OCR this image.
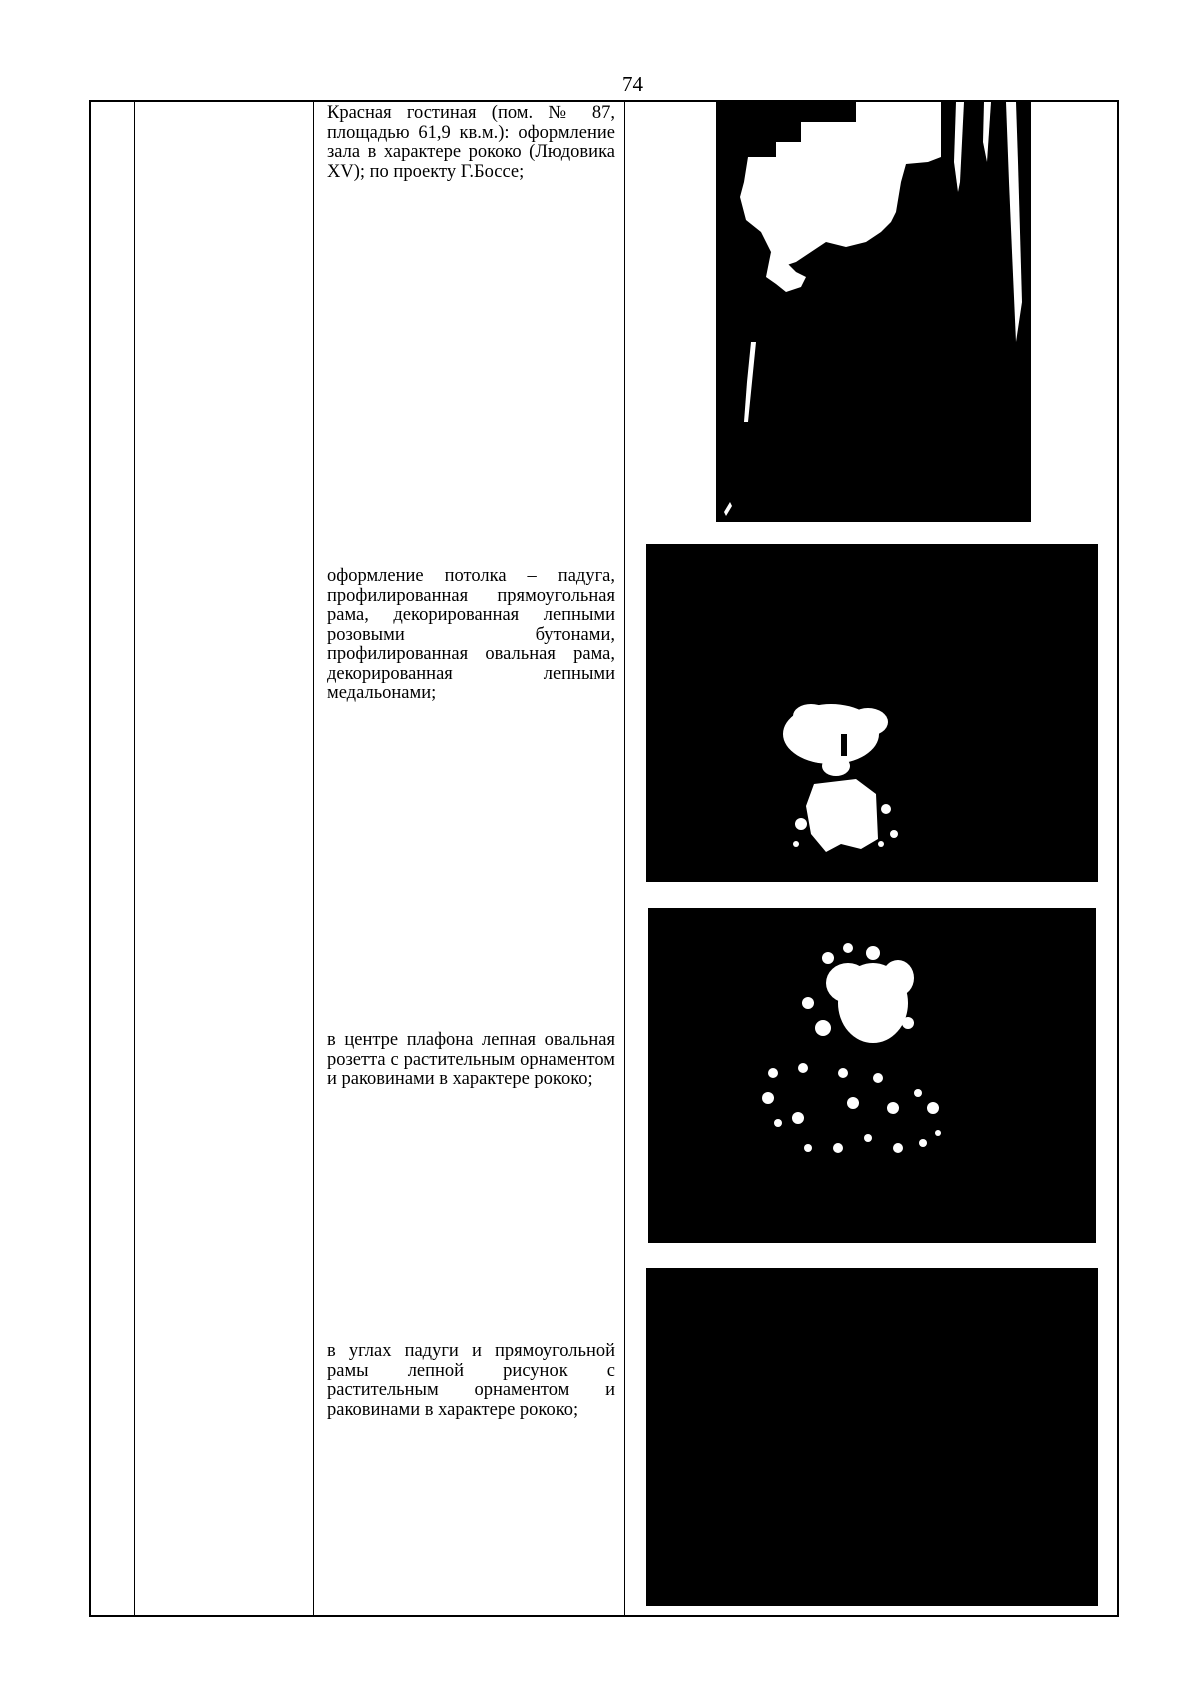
74
Красная гостиная (пом. № 87, площадью 61,9 кв.м.): оформление зала в характере рококо (Людовика XV); по проекту Г.Боссе;
оформление потолка – падуга, профилированная прямоугольная рама, декорированная лепными розовыми бутонами, профилированная овальная рама, декорированная лепными медальонами;
в центре плафона лепная овальная розетта с растительным орнаментом и раковинами в характере рококо;
в углах падуги и прямоугольной рамы лепной рисунок с растительным орнаментом и раковинами в характере рококо;
